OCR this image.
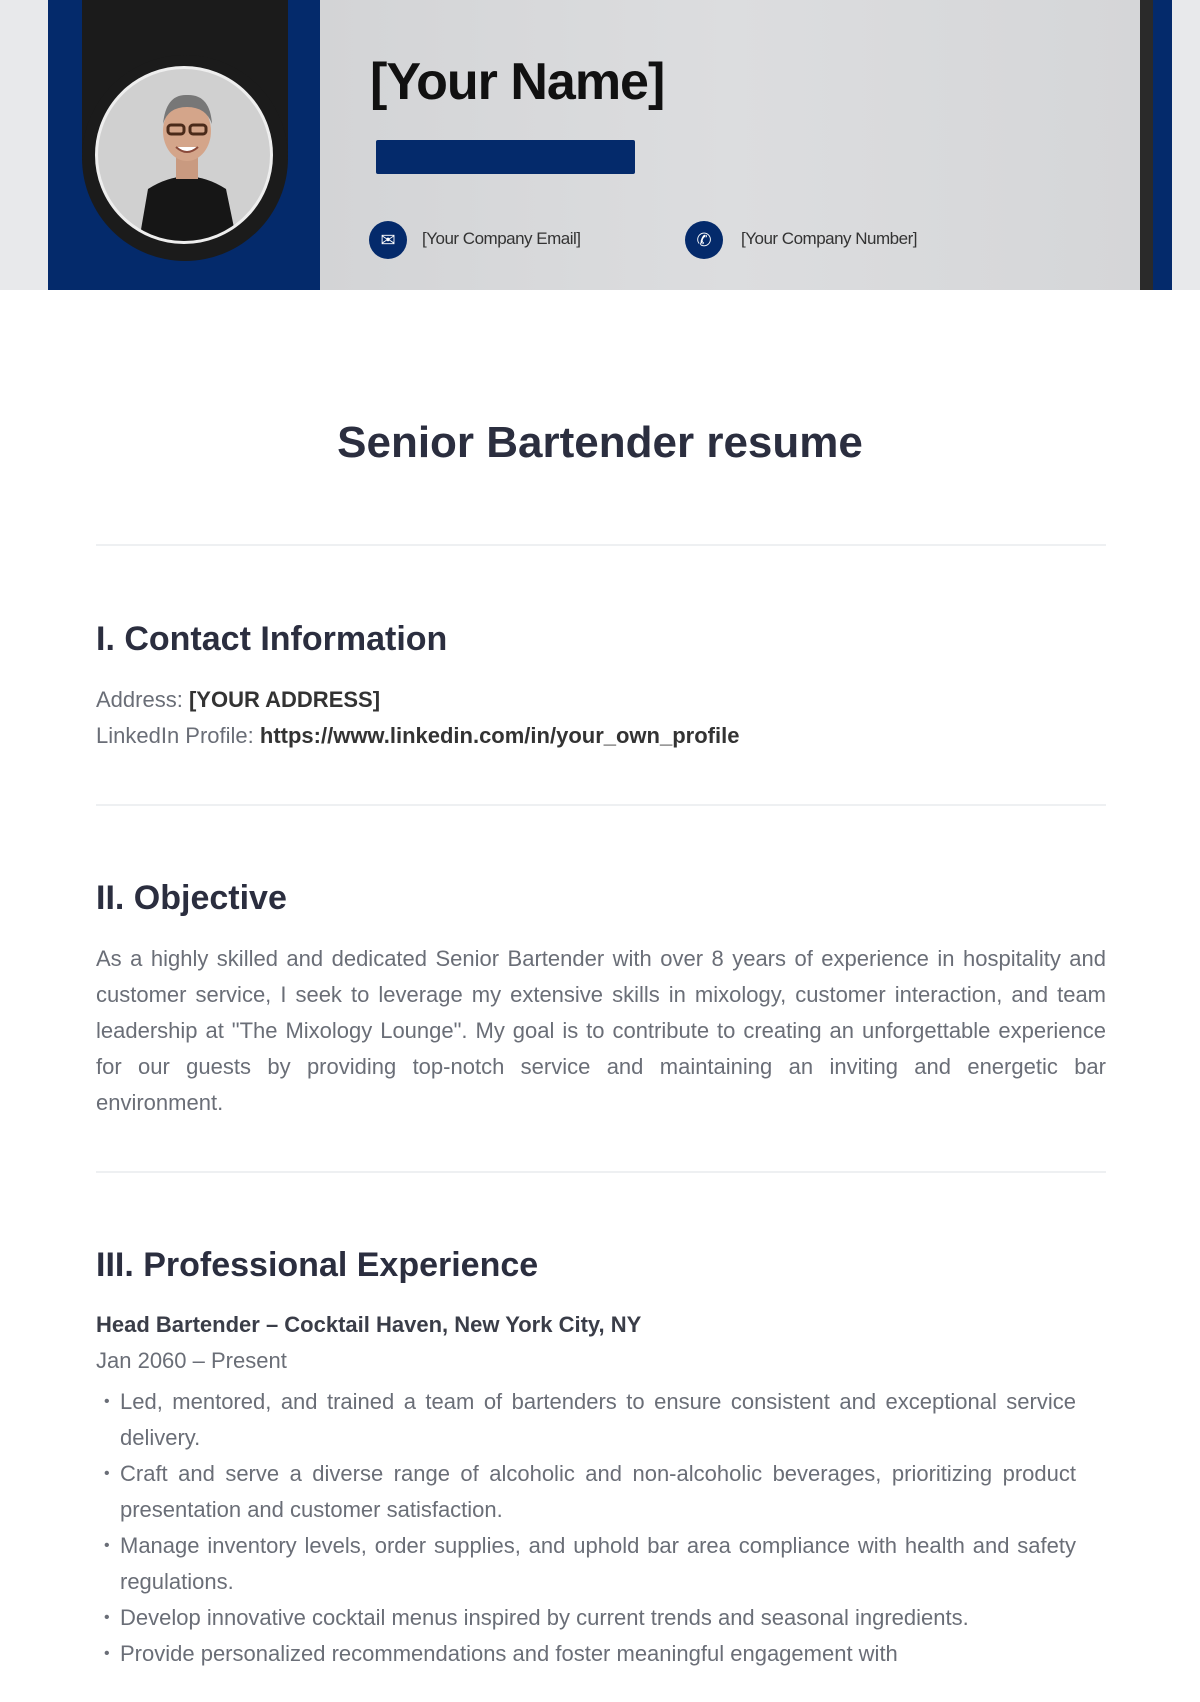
[Your Name]
✉	[Your Company Email]	✆	[Your Company Number]
Senior Bartender resume
I. Contact Information
Address: [YOUR ADDRESS]
LinkedIn Profile: https://www.linkedin.com/in/your_own_profile
II. Objective
As a highly skilled and dedicated Senior Bartender with over 8 years of experience in hospitality and customer service, I seek to leverage my extensive skills in mixology, customer interaction, and team leadership at "The Mixology Lounge". My goal is to contribute to creating an unforgettable experience for our guests by providing top-notch service and maintaining an inviting and energetic bar environment.
III. Professional Experience
Head Bartender – Cocktail Haven, New York City, NY
Jan 2060 – Present
• Led, mentored, and trained a team of bartenders to ensure consistent and exceptional service delivery.
• Craft and serve a diverse range of alcoholic and non-alcoholic beverages, prioritizing product presentation and customer satisfaction.
• Manage inventory levels, order supplies, and uphold bar area compliance with health and safety regulations.
• Develop innovative cocktail menus inspired by current trends and seasonal ingredients.
• Provide personalized recommendations and foster meaningful engagement with
